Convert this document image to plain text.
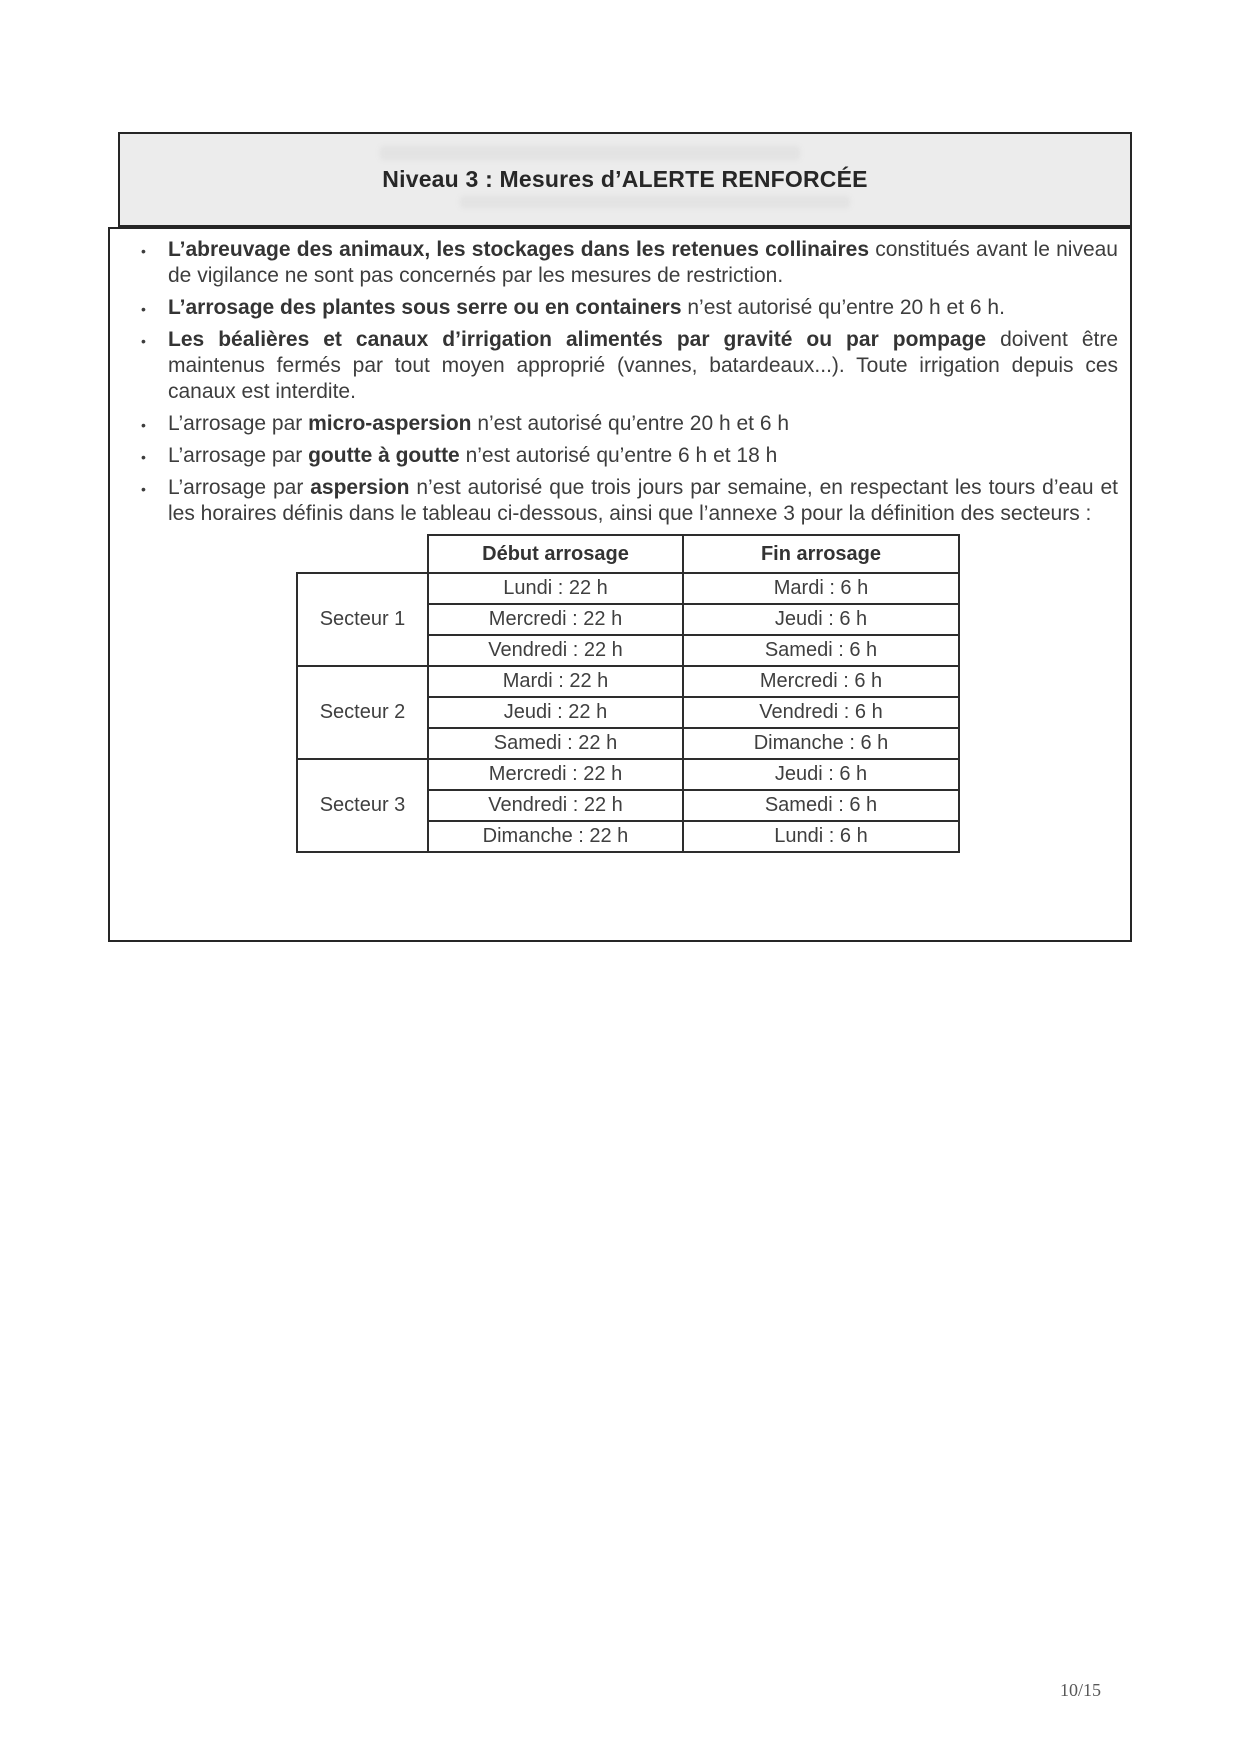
Niveau 3 : Mesures d’ALERTE RENFORCÉE
• L’abreuvage des animaux, les stockages dans les retenues collinaires constitués avant le niveau de vigilance ne sont pas concernés par les mesures de restriction.
• L’arrosage des plantes sous serre ou en containers n’est autorisé qu’entre 20 h et 6 h.
• Les béalières et canaux d’irrigation alimentés par gravité ou par pompage doivent être maintenus fermés par tout moyen approprié (vannes, batardeaux...). Toute irrigation depuis ces canaux est interdite.
• L’arrosage par micro-aspersion n’est autorisé qu’entre 20 h et 6 h
• L’arrosage par goutte à goutte n’est autorisé qu’entre 6 h et 18 h
• L’arrosage par aspersion n’est autorisé que trois jours par semaine, en respectant les tours d’eau et les horaires définis dans le tableau ci-dessous, ainsi que l’annexe 3 pour la définition des secteurs :
	Début arrosage	Fin arrosage
Secteur 1	Lundi : 22 h	Mardi : 6 h
	Mercredi : 22 h	Jeudi : 6 h
	Vendredi : 22 h	Samedi : 6 h
Secteur 2	Mardi : 22 h	Mercredi : 6 h
	Jeudi : 22 h	Vendredi : 6 h
	Samedi : 22 h	Dimanche : 6 h
Secteur 3	Mercredi : 22 h	Jeudi : 6 h
	Vendredi : 22 h	Samedi : 6 h
	Dimanche : 22 h	Lundi : 6 h
10/15
